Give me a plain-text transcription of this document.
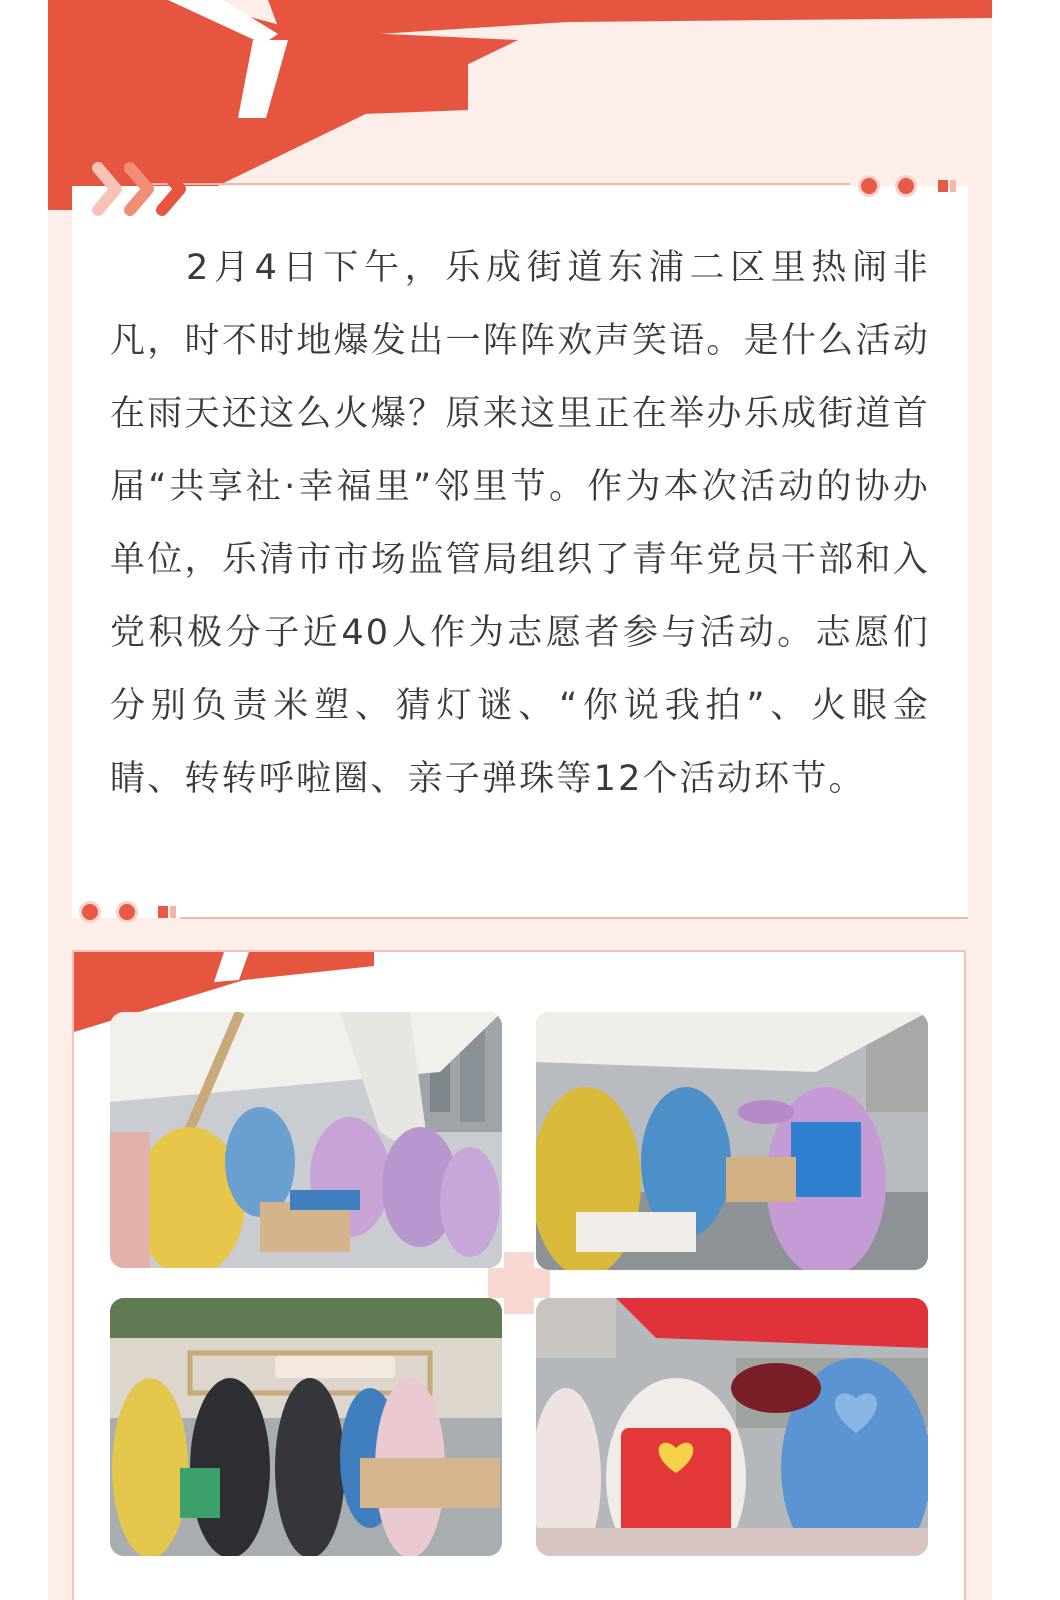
2月4日下午，乐成街道东浦二区里热闹非凡，时不时地爆发出一阵阵欢声笑语。是什么活动在雨天还这么火爆？原来这里正在举办乐成街道首届“共享社·幸福里”邻里节。作为本次活动的协办单位，乐清市市场监管局组织了青年党员干部和入党积极分子近40人作为志愿者参与活动。志愿们分别负责米塑、猜灯谜、“你说我拍”、火眼金睛、转转呼啦圈、亲子弹珠等12个活动环节。
